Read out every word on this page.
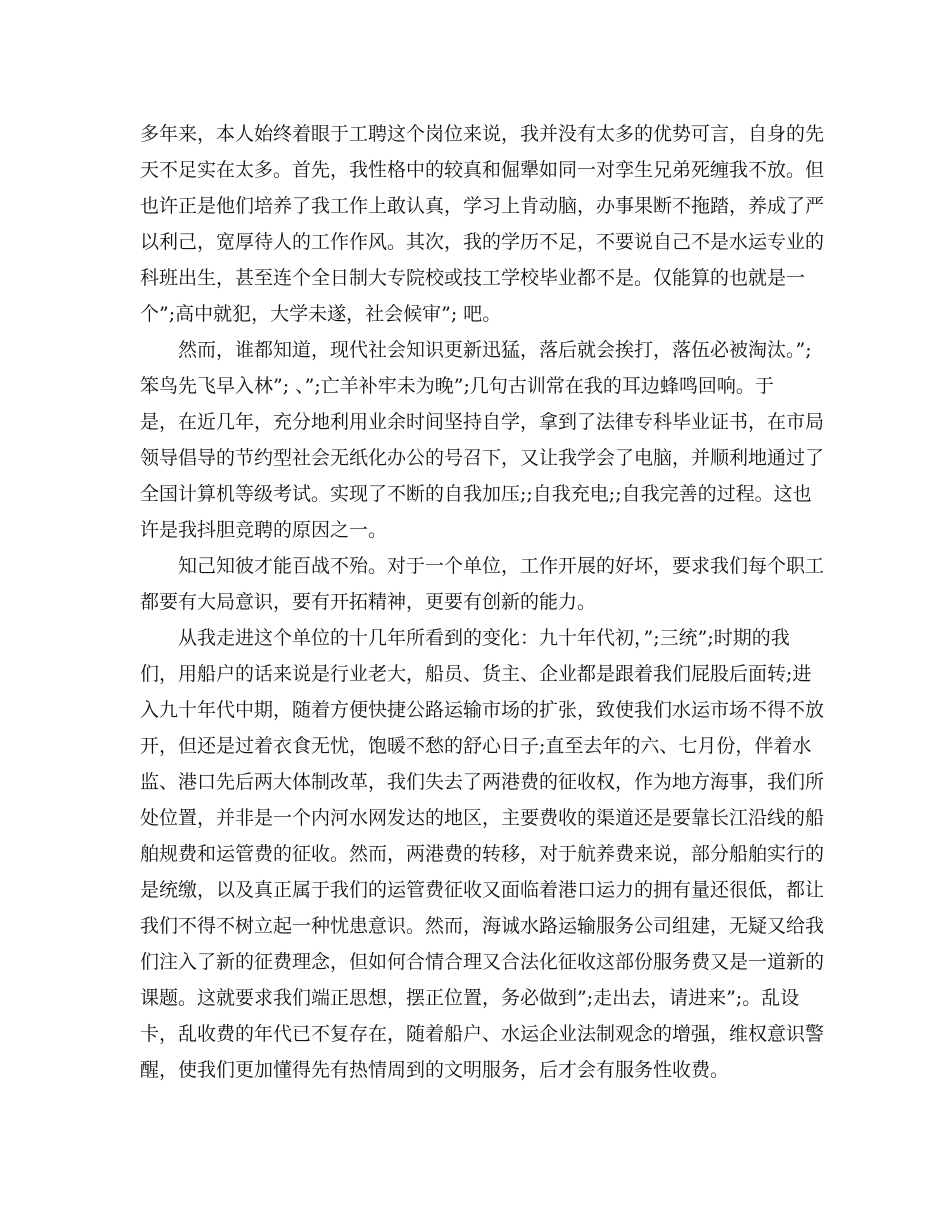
多年来，本人始终着眼于工聘这个岗位来说，我并没有太多的优势可言，自身的先
天不足实在太多。首先，我性格中的较真和倔犟如同一对孪生兄弟死缠我不放。但
也许正是他们培养了我工作上敢认真，学习上肯动脑，办事果断不拖踏，养成了严
以利己，宽厚待人的工作作风。其次，我的学历不足，不要说自己不是水运专业的
科班出生，甚至连个全日制大专院校或技工学校毕业都不是。仅能算的也就是一
个”;高中就犯，大学未遂，社会候审”; 吧。
然而，谁都知道，现代社会知识更新迅猛，落后就会挨打，落伍必被淘汰。”;
笨鸟先飞早入林”; 、”;亡羊补牢未为晚”;几句古训常在我的耳边蜂鸣回响。于
是，在近几年，充分地利用业余时间坚持自学，拿到了法律专科毕业证书，在市局
领导倡导的节约型社会无纸化办公的号召下，又让我学会了电脑，并顺利地通过了
全国计算机等级考试。实现了不断的自我加压;;自我充电;;自我完善的过程。这也
许是我抖胆竞聘的原因之一。
知己知彼才能百战不殆。对于一个单位，工作开展的好坏，要求我们每个职工
都要有大局意识，要有开拓精神，更要有创新的能力。
从我走进这个单位的十几年所看到的变化：九十年代初，”;三统”;时期的我
们，用船户的话来说是行业老大，船员、货主、企业都是跟着我们屁股后面转;进
入九十年代中期，随着方便快捷公路运输市场的扩张，致使我们水运市场不得不放
开，但还是过着衣食无忧，饱暖不愁的舒心日子;直至去年的六、七月份，伴着水
监、港口先后两大体制改革，我们失去了两港费的征收权，作为地方海事，我们所
处位置，并非是一个内河水网发达的地区，主要费收的渠道还是要靠长江沿线的船
舶规费和运管费的征收。然而，两港费的转移，对于航养费来说，部分船舶实行的
是统缴，以及真正属于我们的运管费征收又面临着港口运力的拥有量还很低，都让
我们不得不树立起一种忧患意识。然而，海诚水路运输服务公司组建，无疑又给我
们注入了新的征费理念，但如何合情合理又合法化征收这部份服务费又是一道新的
课题。这就要求我们端正思想，摆正位置，务必做到”;走出去，请进来”;。乱设
卡，乱收费的年代已不复存在，随着船户、水运企业法制观念的增强，维权意识警
醒，使我们更加懂得先有热情周到的文明服务，后才会有服务性收费。
